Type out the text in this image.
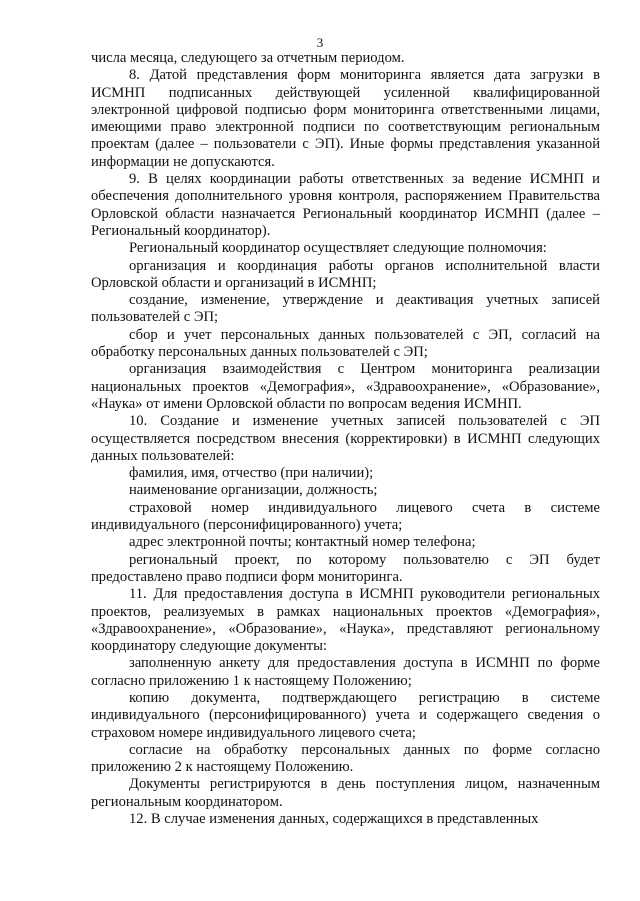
3

числа месяца, следующего за отчетным периодом.

8. Датой представления форм мониторинга является дата загрузки в ИСМНП подписанных действующей усиленной квалифицированной электронной цифровой подписью форм мониторинга ответственными лицами, имеющими право электронной подписи по соответствующим региональным проектам (далее – пользователи с ЭП). Иные формы представления указанной информации не допускаются.

9. В целях координации работы ответственных за ведение ИСМНП и обеспечения дополнительного уровня контроля, распоряжением Правительства Орловской области назначается Региональный координатор ИСМНП (далее – Региональный координатор).

Региональный координатор осуществляет следующие полномочия:

организация и координация работы органов исполнительной власти Орловской области и организаций в ИСМНП;

создание, изменение, утверждение и деактивация учетных записей пользователей с ЭП;

сбор и учет персональных данных пользователей с ЭП, согласий на обработку персональных данных пользователей с ЭП;

организация взаимодействия с Центром мониторинга реализации национальных проектов «Демография», «Здравоохранение», «Образование», «Наука» от имени Орловской области по вопросам ведения ИСМНП.

10. Создание и изменение учетных записей пользователей с ЭП осуществляется посредством внесения (корректировки) в ИСМНП следующих данных пользователей:

фамилия, имя, отчество (при наличии);

наименование организации, должность;

страховой номер индивидуального лицевого счета в системе индивидуального (персонифицированного) учета;

адрес электронной почты; контактный номер телефона;

региональный проект, по которому пользователю с ЭП будет предоставлено право подписи форм мониторинга.

11. Для предоставления доступа в ИСМНП руководители региональных проектов, реализуемых в рамках национальных проектов «Демография», «Здравоохранение», «Образование», «Наука», представляют региональному координатору следующие документы:

заполненную анкету для предоставления доступа в ИСМНП по форме согласно приложению 1 к настоящему Положению;

копию документа, подтверждающего регистрацию в системе индивидуального (персонифицированного) учета и содержащего сведения о страховом номере индивидуального лицевого счета;

согласие на обработку персональных данных по форме согласно приложению 2 к настоящему Положению.

Документы регистрируются в день поступления лицом, назначенным региональным координатором.

12. В случае изменения данных, содержащихся в представленных
